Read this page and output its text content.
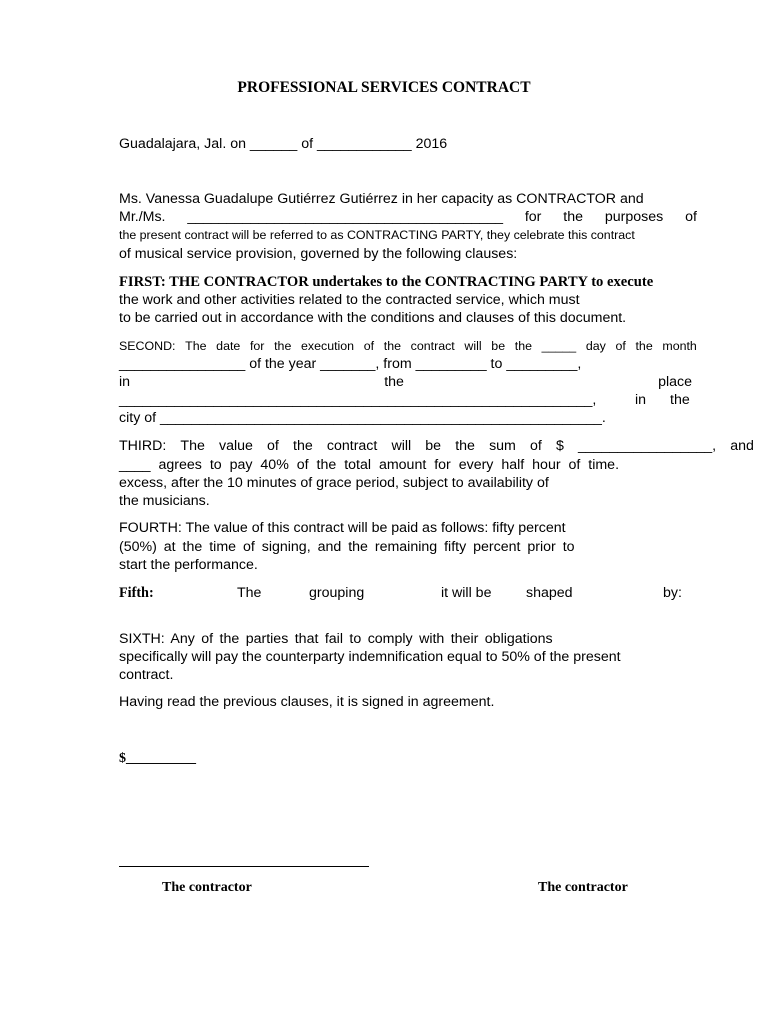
PROFESSIONAL SERVICES CONTRACT

Guadalajara, Jal. on ______ of ____________ 2016

Ms. Vanessa Guadalupe Gutiérrez Gutiérrez in her capacity as CONTRACTOR and

Mr./Ms. ________________________________________ for the purposes of

the present contract will be referred to as CONTRACTING PARTY, they celebrate this contract

of musical service provision, governed by the following clauses:

FIRST: THE CONTRACTOR undertakes to the CONTRACTING PARTY to execute

the work and other activities related to the contracted service, which must

to be carried out in accordance with the conditions and clauses of this document.

SECOND: The date for the execution of the contract will be the _____ day of the month

________________ of the year _______, from _________ to _________,

in	the	place

____________________________________________________________,	in the

city of ________________________________________________________.

THIRD: The value of the contract will be the sum of $ _________________, and

____ agrees to pay 40% of the total amount for every half hour of time.

excess, after the 10 minutes of grace period, subject to availability of

the musicians.

FOURTH: The value of this contract will be paid as follows: fifty percent

(50%) at the time of signing, and the remaining fifty percent prior to

start the performance.

Fifth:	The	grouping	it will be shaped	by:

SIXTH: Any of the parties that fail to comply with their obligations

specifically will pay the counterparty indemnification equal to 50% of the present

contract.

Having read the previous clauses, it is signed in agreement.

$__________

The contractor	The contractor
